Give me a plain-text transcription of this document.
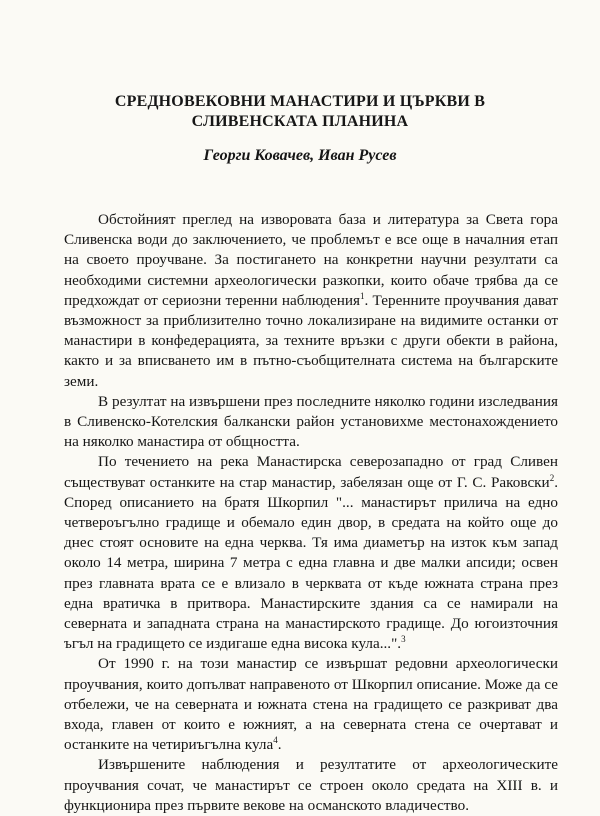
СРЕДНОВЕКОВНИ МАНАСТИРИ И ЦЪРКВИ В
СЛИВЕНСКАТА ПЛАНИНА
Георги Ковачев, Иван Русев

Обстойният преглед на изворовата база и литература за Света гора Сливенска води до заключението, че проблемът е все още в началния етап на своето проучване. За постигането на конкретни научни резултати са необходими системни археологически разкопки, които обаче трябва да се предхождат от сериозни теренни наблюдения$^1$. Теренните проучвания дават възможност за приблизително точно локализиране на видимите останки от манастири в конфедерацията, за техните връзки с други обекти в района, както и за вписването им в пътно-съобщителната система на българските земи.

В резултат на извършени през последните няколко години изследвания в Сливенско-Котелския балкански район установихме местонахождението на няколко манастира от общността.

По течението на река Манастирска северозападно от град Сливен съществуват останките на стар манастир, забелязан още от Г. С. Раковски$^2$. Според описанието на братя Шкорпил "... манастирът прилича на едно четвероъгълно градище и обемало един двор, в средата на който още до днес стоят основите на една черква. Тя има диаметър на изток към запад около 14 метра, ширина 7 метра с една главна и две малки апсиди; освен през главната врата се е влизало в черквата от къде южната страна през една вратичка в притвора. Манастирските здания са се намирали на северната и западната страна на манастирското градище. До югоизточния ъгъл на градището се издигаше една висока кула...".$^3$

От 1990 г. на този манастир се извършат редовни археологически проучвания, които допълват направеното от Шкорпил описание. Може да се отбележи, че на северната и южната стена на градището се разкриват два входа, главен от които е южният, а на северната стена се очертават и останките на четириъгълна кула$^4$.

Извършените наблюдения и резултатите от археологическите проучвания сочат, че манастирът се строен около средата на XIII в. и функционира през първите векове на османското владичество.
